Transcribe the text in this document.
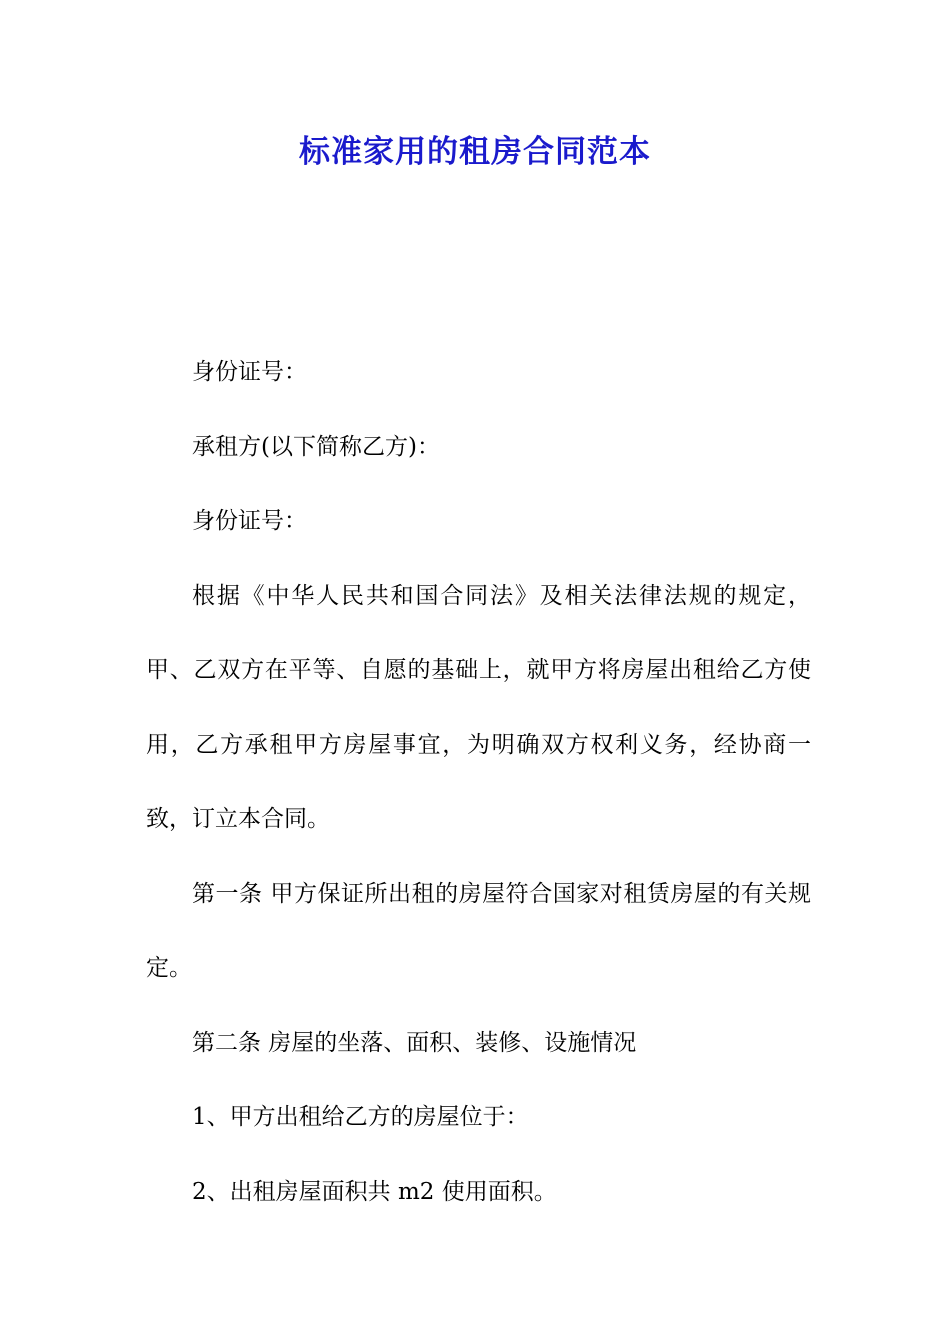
标准家用的租房合同范本

身份证号：

承租方(以下简称乙方)：

身份证号：

根据《中华人民共和国合同法》及相关法律法规的规定，甲、乙双方在平等、自愿的基础上，就甲方将房屋出租给乙方使用，乙方承租甲方房屋事宜，为明确双方权利义务，经协商一致，订立本合同。

第一条 甲方保证所出租的房屋符合国家对租赁房屋的有关规定。

第二条 房屋的坐落、面积、装修、设施情况

1、甲方出租给乙方的房屋位于：

2、出租房屋面积共 m2 使用面积。
